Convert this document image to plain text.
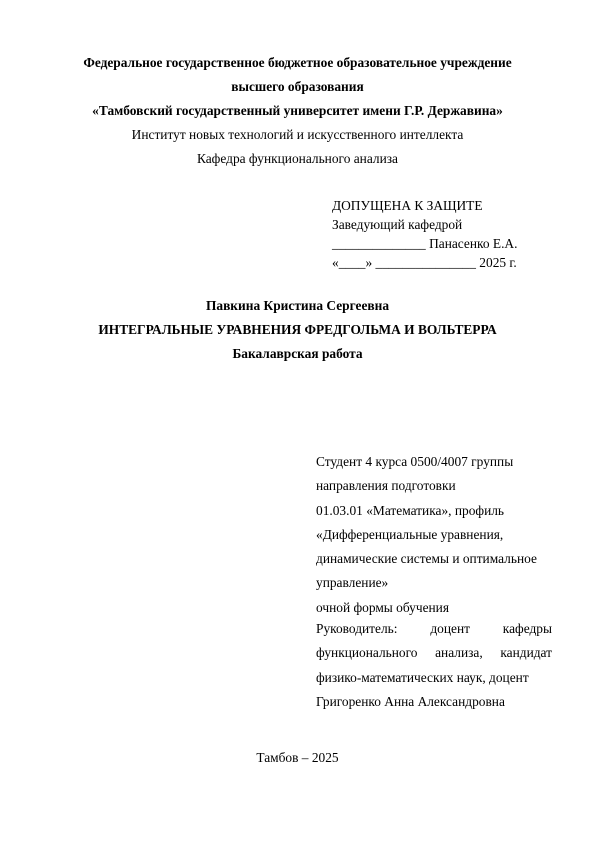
Федеральное государственное бюджетное образовательное учреждение
высшего образования
«Тамбовский государственный университет имени Г.Р. Державина»
Институт новых технологий и искусственного интеллекта
Кафедра функционального анализа
ДОПУЩЕНА К ЗАЩИТЕ
Заведующий кафедрой
______________ Панасенко Е.А.
«____» _______________ 2025 г.
Павкина Кристина Сергеевна
ИНТЕГРАЛЬНЫЕ УРАВНЕНИЯ ФРЕДГОЛЬМА И ВОЛЬТЕРРА
Бакалаврская работа
Студент 4 курса 0500/4007 группы
направления подготовки
01.03.01 «Математика», профиль
«Дифференциальные уравнения,
динамические системы и оптимальное
управление»
очной формы обучения
Руководитель: доцент кафедры
функционального анализа, кандидат
физико-математических наук, доцент
Григоренко Анна Александровна
Тамбов – 2025
